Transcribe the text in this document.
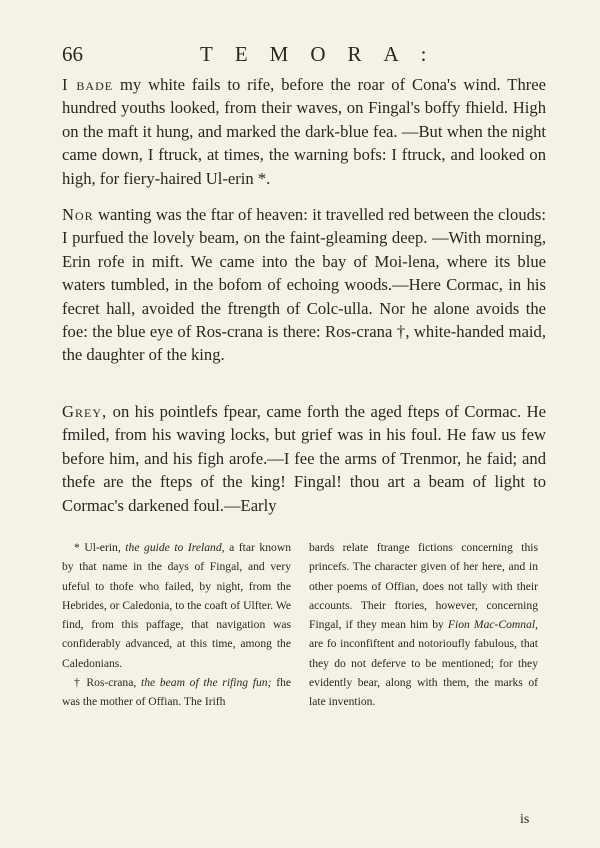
66	TEMORA:

I bade my white fails to rife, before the roar of Cona's wind. Three hundred youths looked, from their waves, on Fingal's boffy fhield. High on the maft it hung, and marked the dark-blue fea. —But when the night came down, I ftruck, at times, the warning bofs: I ftruck, and looked on high, for fiery-haired Ul-erin *.

Nor wanting was the ftar of heaven: it travelled red between the clouds: I purfued the lovely beam, on the faint-gleaming deep. —With morning, Erin rofe in mift. We came into the bay of Moi-lena, where its blue waters tumbled, in the bofom of echoing woods.—Here Cormac, in his fecret hall, avoided the ftrength of Colc-ulla. Nor he alone avoids the foe: the blue eye of Ros-crana is there: Ros-crana †, white-handed maid, the daughter of the king.

Grey, on his pointlefs fpear, came forth the aged fteps of Cormac. He fmiled, from his waving locks, but grief was in his foul. He faw us few before him, and his figh arofe.—I fee the arms of Trenmor, he faid; and thefe are the fteps of the king! Fingal! thou art a beam of light to Cormac's darkened foul.—Early

* Ul-erin, the guide to Ireland, a ftar known by that name in the days of Fingal, and very ufeful to thofe who failed, by night, from the Hebrides, or Caledonia, to the coaft of Ulfter. We find, from this paffage, that navigation was confiderably advanced, at this time, among the Caledonians.

† Ros-crana, the beam of the rifing fun; fhe was the mother of Offian. The Irifh

bards relate ftrange fictions concerning this princefs. The character given of her here, and in other poems of Offian, does not tally with their accounts. Their ftories, however, concerning Fingal, if they mean him by Fion Mac-Comnal, are fo inconfiftent and notorioufly fabulous, that they do not deferve to be mentioned; for they evidently bear, along with them, the marks of late invention.

is
